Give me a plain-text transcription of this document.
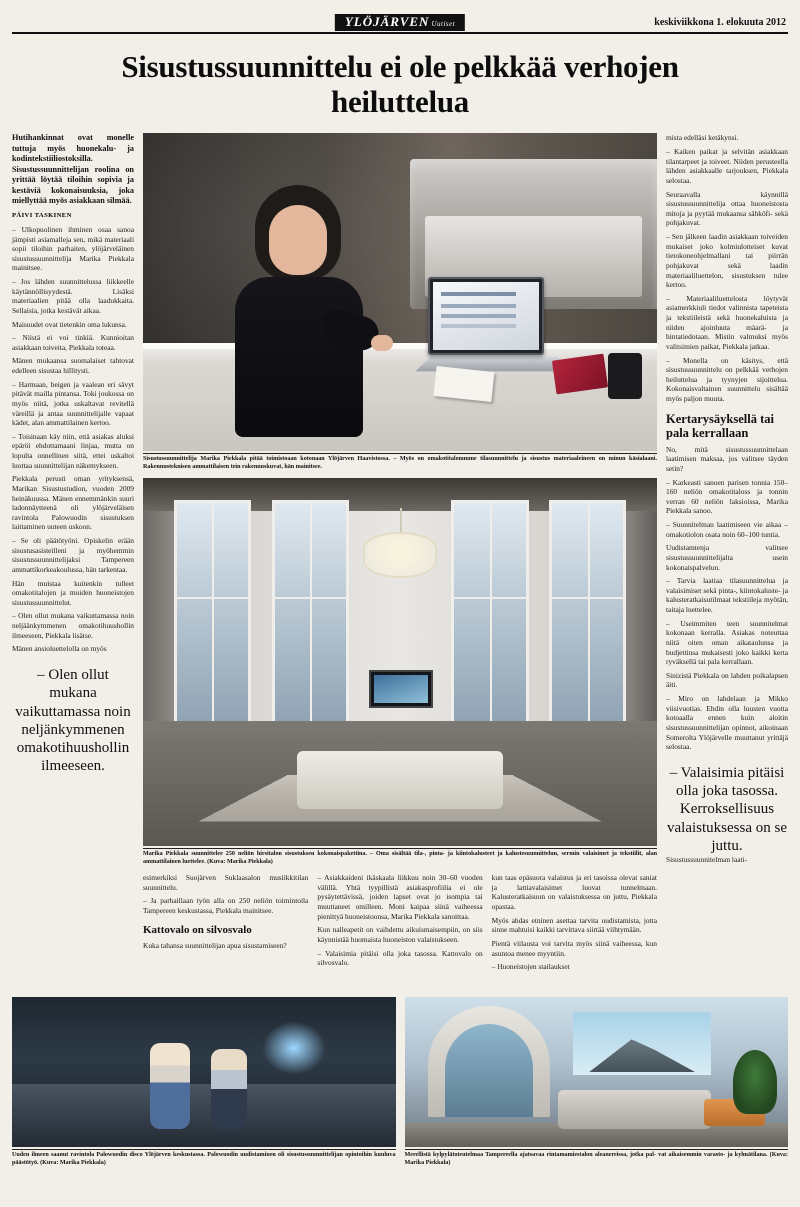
YLÖJÄRVEN Uutiset	keskiviikkona 1. elokuuta 2012
Sisustussuunnittelu ei ole pelkkää verhojen heiluttelua
Hutihankinnat ovat monelle tuttuja myös huonekalu- ja kodintekstiiliostoksilla. Sisustussuunnittelijan roolina on yrittää löytää tiloihin sopivia ja kestäviä kokonaisuuksia, joka miellyttää myös asiakkaan silmää.
PÄIVI TASKINEN

– Ulkopuolinen ihminen osaa sanoa jämpisti asiamalleja sen, mikä materiaali sopii tiloihin parhaiten, ylöjärveläinen sisustussuunnittelija Marika Piekkala mainitsee.

– Jos lähden suunnittelussa liikkeelle käytännöllisyydestä. Lisäksi materiaalien pitää olla laadukkaita. Sellaisia, jotka kestävät aikaa.

Maisuudet ovat tietenkin oma lukunsa.

– Niistä ei voi tinkiä. Kunnioitan asiakkaan toiveita, Piekkala toteaa.

Mänen mukaansa suomalaiset tahtovat edelleen sisustaa hillitysti.

– Harmaan, beigen ja vaalean eri sävyt pitävät mailla pintansa. Toki joukossa on myös niitä, jotka uskaltavat revitellä väreillä ja antaa suunnittelijalle vapaat kädet, alan ammattilainen kertoo.

– Toisinaan käy niin, että asiakas aluksi epäröi ehdottamaani linjaa, mutta on lopulta onnellinen siitä, ettei uskaltoi luottaa suunnittelijan näkemykseen.

Piekkala perusti oman yrityksensä, Marikan Sisustustudion, vuoden 2009 heinäkuussa. Mänen ennemmänkin suuri ladonnäytteenä oli ylöjärveläisen ravintola Palowuodin sisustuksen laittaminen uuteen uskoon.

– Se oli päätötyöni. Opiskelin erään sisustusasisteilleni ja myöhemmin sisustussuunnittelijaksi Tampereen ammattikorkeakoulussa, hän tarkentaa.

Hän muistaa kuitenkin tulleet omakotitalojen ja muiden huoneistojen sisustussuunnittelut.

– Olen ollut mukana vaikuttamassa noin neljäänkymmenen omakotihuushollin ilmeeseen, Piekkala lisätse.

Mänen ansioluettelolla on myös

– Olen ollut mukana vaikuttamassa noin neljänkymmenen omakotihuushollin ilmeeseen.
Sisustussuunnittelija Marika Piekkala pitää toimistoaan kotonaan Ylöjärven Haavistossa. – Myös on omakotitalommme tilasuunnittelu ja sisustus materiaaleineen on minun käsialaani. Rakennusteknisen ammattilaisen tein rakennuskuvat, hän mainitsee.
Marika Piekkala suunnittelee 250 neliön hirsitalon sisustuksen kokonaispakettina. – Oma sisältää tila-, pinta- ja kiintokalusteet ja kalustesuunnittelun, sermin valaisimet ja tekstiilit, alan ammattilainen luettelee. (Kuva: Marika Piekkala)

esimerkiksi Suojärven Suklaasalon musiikkitilan suunnittelu.

– Ja parhaillaan työn alla on 250 neliön toimintoila Tampereen keskustassa, Piekkala mainitsee.

Kattovalo on silvosvalo

Kuka tahansa suunnittelijan apua sisustamiseen?

– Asiakkaideni ikäskaala liikkuu noin 30–60 vuoden välillä. Yhtä tyypillistä asiakasprofiilia ei ole pysäytettävissä, joiden lapset ovat jo isompia tai muuttaneet omilleen. Moni kaipaa siinä vaiheessa pienittyä huoneistoonsa, Marika Piekkala sanoittaa.

Kun nalleapetit on vaihdettu aikuismaisempiin, on siis käynnistää huomaista huoneiston valaistukseen.

– Valaisimia pitäisi olla joka tasossa. Kattovalo on silvosvalo.

kun taas epäsuora valaistus ja eri tasoissa olevat saniat ja lattiavalaisimet luovat tunnelmaan. Kalusteratkaisuun on valaistuksessa on juttu, Piekkala opastaa.

Myös ahdas etninen asettaa tarvita uudistamista, jotta sinne mahtuisi kaikki tarvittava siirtää viihtymään.

Pientä viilausta voi tarvita myös siinä vaiheessa, kun asuntoa menee myyntiin.

– Huoneistojen stailaukset

mista edelläsi ketäkynsi.

– Kaiken paikat ja selvitän asiakkaan tilantarpeet ja toiveet. Niiden perusteella lähden asiakkaalle tarjouksen, Piekkala selostaa.

Seuraavalla käynnillä sisustussuunnittelija ottaa huoneistosta mitoja ja pyytää mukaansa sähköfi- sekä pohjakuvat.

– Sen jälkeen laadin asiakkaan toiveiden mukaiset joko kolmiulotteiset kuvat tietokoneohjelmallani tai piirrän pohjakuvat sekä laadin materiaaliluettelon, sisustuksen tulee kertoo.

– Materiaaliluettelosta löytyvät asiamerkkiuli tiedot valinnista tapeteista ja tekstiileistä sekä huonekaluista ja niiden ajoinluuta mäarä- ja hintatiedotaan. Mistin valmuksi myös valitsimien paikat, Piekkala jatkaa.

– Monella on käsitys, että sisustussuunnittelu on pelkkää verhojen heiluttelua ja tyynyjen sijoittelua. Kokonaisvaltainen suunnittelu sisältää myös paljon muuta.

Kertarysäyksellä tai pala kerrallaan

No, mitä sisustussuunnittelaan laatimisen maksaa, jos valitsee täyden setin?

– Karkeasti sanoen parisen tonnia 150–160 neliön omakotitaloss ja tonnin verran 60 neliön laksioissa, Marika Piekkala sanoo.

– Suunnitelman laatimiseen vie aikaa – omakotiolon osata noin 60–100 tuntia.

Uudistamtenja valitsee sisustussuunnittelijalta usein kokonaispalvelun.

– Tarvia laatiaa tilasuunnittelua ja valaisimiset sekä pinta-, kiintokaluste- ja kalusteratkaisutilmaat tekstiileja myötän, taitaja luettelee.

– Useimmiten teen suunnitelmat kokonaan kerralla. Asiakas noteuttaa niitä oiten oman aikataulunsa ja budjettinsa mukaisesti joko kaikki kerta ryväksellä tai pala kerrallaan.

Sinizistä Piekkala on lahden poikalapsen äiti.

– Miro on lahdelaan ja Mikko viisivuotias. Ehdin olla luusten vuotta kotoaalla ennen kuin aloitin sisustussuunnittelijan opinnot, aikoinaan Somerolta Ylöjärvelle muuttanut yrittäjä selostaa.

– Valaisimia pitäisi olla joka tasossa. Kerroksellisuus valaistuksessa on se juttu.

Sisustussuunnitelman laati-

Uuden ilmeen saanut ravintola Palowuodin disco Ylöjärven keskustassa. Palowuodin uudistaminen oli sisustussuunnittelijan opintoihin kuuluva päästötyö. (Kuva: Marika Piekkala)
Merellistä kylpylätoteutelmaa Tampereella ajatsavaa rintamamiestalon aleanereissa, jotka pal- vat aikaisemmin varasto- ja kylmätilana. (Kuva: Marika Piekkala)
